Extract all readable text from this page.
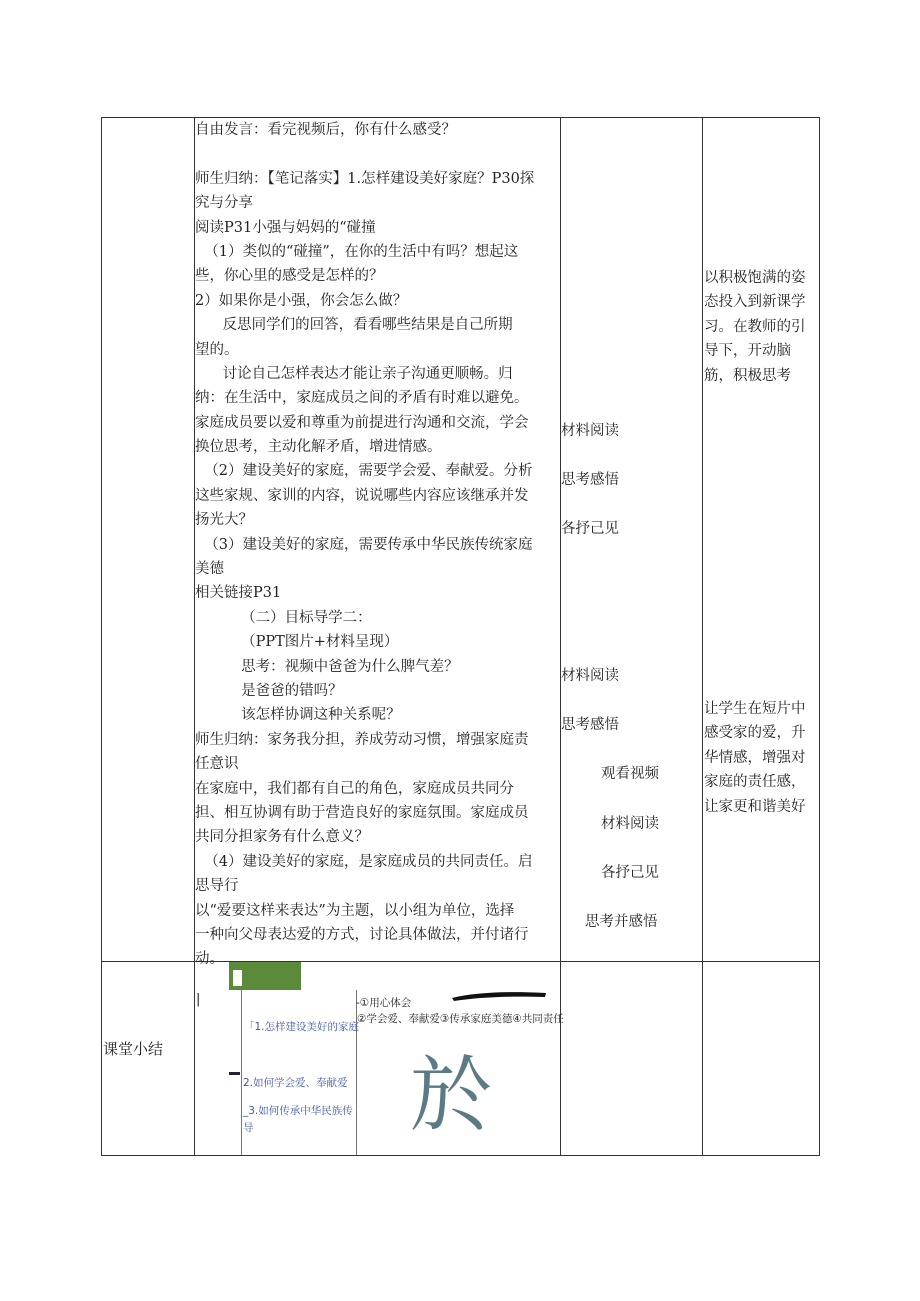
自由发言：看完视频后，你有什么感受？
师生归纳：【笔记落实】1.怎样建设美好家庭？P30探
究与分享
阅读P31小强与妈妈的“碰撞
（1）类似的“碰撞”，在你的生活中有吗？想起这
些，你心里的感受是怎样的？
2）如果你是小强，你会怎么做？
反思同学们的回答，看看哪些结果是自己所期
望的。
讨论自己怎样表达才能让亲子沟通更顺畅。归
纳：在生活中，家庭成员之间的矛盾有时难以避免。
家庭成员要以爱和尊重为前提进行沟通和交流，学会
换位思考，主动化解矛盾，增进情感。
（2）建设美好的家庭，需要学会爱、奉献爱。分析
这些家规、家训的内容，说说哪些内容应该继承并发
扬光大？
（3）建设美好的家庭，需要传承中华民族传统家庭
美德
相关链接P31
（二）目标导学二：
（PPT图片+材料呈现）
思考：视频中爸爸为什么脾气差？
是爸爸的错吗？
该怎样协调这种关系呢？
师生归纳：家务我分担，养成劳动习惯，增强家庭责
任意识
在家庭中，我们都有自己的角色，家庭成员共同分
担、相互协调有助于营造良好的家庭氛围。家庭成员
共同分担家务有什么意义？
（4）建设美好的家庭，是家庭成员的共同责任。启
思导行
以“爱要这样来表达”为主题，以小组为单位，选择
一种向父母表达爱的方式，讨论具体做法，并付诸行
动。
材料阅读
思考感悟
各抒己见
材料阅读
思考感悟
观看视频
材料阅读
各抒己见
思考并感悟
以积极饱满的姿
态投入到新课学
习。在教师的引
导下，开动脑
筋，积极思考
让学生在短片中
感受家的爱，升
华情感，增强对
家庭的责任感，
让家更和谐美好
课堂小结
|
「1.怎样建设美好的家庭
2.如何学会爱、奉献爱
_3.如何传承中华民族传
导
-①用心体会
②学会爱、奉献爱③传承家庭美德④共同责任
於
